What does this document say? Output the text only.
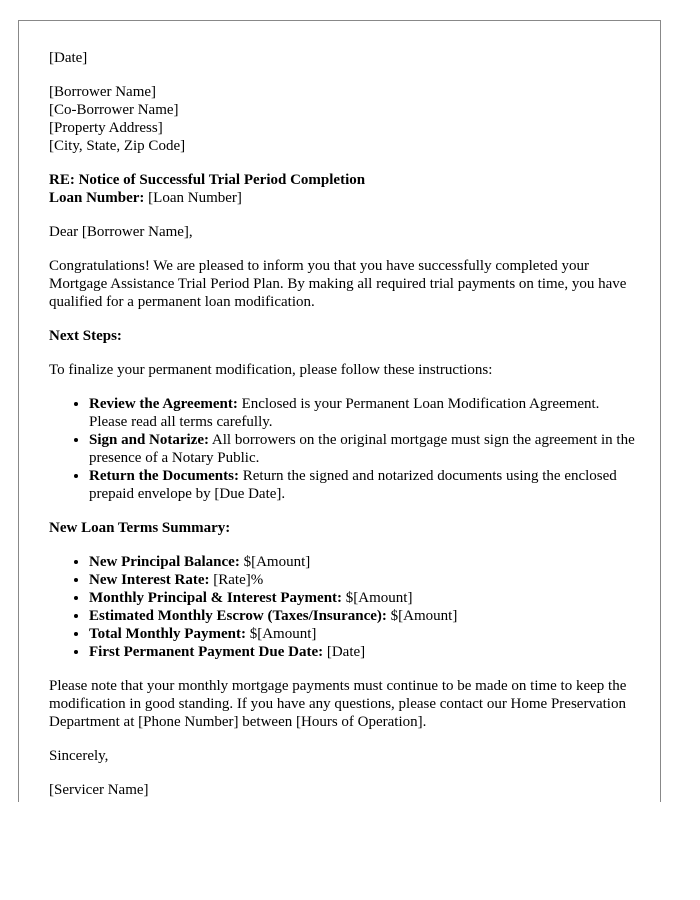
[Date]

[Borrower Name]

[Co-Borrower Name]

[Property Address]

[City, State, Zip Code]

RE: Notice of Successful Trial Period Completion
Loan Number: [Loan Number]

Dear [Borrower Name],

Congratulations! We are pleased to inform you that you have successfully completed your Mortgage Assistance Trial Period Plan. By making all required trial payments on time, you have qualified for a permanent loan modification.

Next Steps:

To finalize your permanent modification, please follow these instructions:

• Review the Agreement: Enclosed is your Permanent Loan Modification Agreement. Please read all terms carefully.
• Sign and Notarize: All borrowers on the original mortgage must sign the agreement in the presence of a Notary Public.
• Return the Documents: Return the signed and notarized documents using the enclosed prepaid envelope by [Due Date].

New Loan Terms Summary:

• New Principal Balance: $[Amount]
• New Interest Rate: [Rate]%
• Monthly Principal & Interest Payment: $[Amount]
• Estimated Monthly Escrow (Taxes/Insurance): $[Amount]
• Total Monthly Payment: $[Amount]
• First Permanent Payment Due Date: [Date]

Please note that your monthly mortgage payments must continue to be made on time to keep the modification in good standing. If you have any questions, please contact our Home Preservation Department at [Phone Number] between [Hours of Operation].

Sincerely,

[Servicer Name]
